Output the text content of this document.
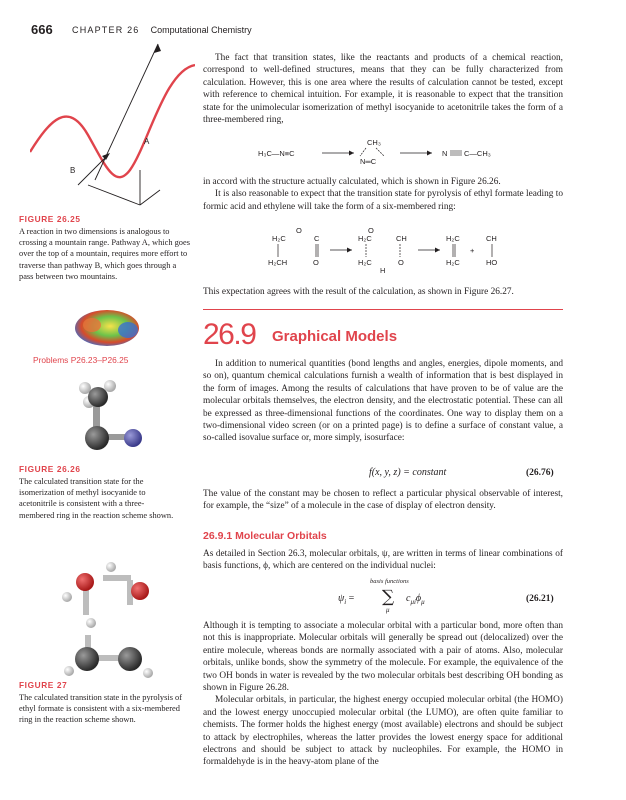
666 CHAPTER 26 Computational Chemistry
A
B
FIGURE 26.25
A reaction in two dimensions is analogous to crossing a mountain range. Pathway A, which goes over the top of a mountain, requires more effort to traverse than pathway B, which goes through a pass between two mountains.
Problems P26.23–P26.25
FIGURE 26.26
The calculated transition state for the isomerization of methyl isocyanide to acetonitrile is consistent with a three-membered ring in the reaction scheme shown.
FIGURE 27
The calculated transition state in the pyrolysis of ethyl formate is consistent with a six-membered ring in the reaction scheme shown.

The fact that transition states, like the reactants and products of a chemical reaction, correspond to well-defined structures, means that they can be fully characterized from calculation. However, this is one area where the results of calculation cannot be tested, except with reference to chemical intuition. For example, it is reasonable to expect that the transition state for the unimolecular isomerization of methyl isocyanide to acetonitrile takes the form of a three-membered ring,

H₃C—N≡C
CH₃
N═C
N C—CH₃

in accord with the structure actually calculated, which is shown in Figure 26.26.

It is also reasonable to expect that the transition state for pyrolysis of ethyl formate leading to formic acid and ethylene will take the form of a six-membered ring:

H₂C
O
C
H₂CH	O
O
H₂C	CH
H₂C	O
H
H₂C	CH
+
H₂C	HO

This expectation agrees with the result of the calculation, as shown in Figure 26.27.

26.9 Graphical Models

In addition to numerical quantities (bond lengths and angles, energies, dipole moments, and so on), quantum chemical calculations furnish a wealth of information that is best displayed in the form of images. Among the results of calculations that have proven to be of value are the molecular orbitals themselves, the electron density, and the electrostatic potential. These can all be expressed as three-dimensional functions of the coordinates. One way to display them on a two-dimensional video screen (or on a printed page) is to define a surface of constant value, a so-called isovalue surface or, more simply, isosurface:

f(x, y, z) = constant	(26.76)

The value of the constant may be chosen to reflect a particular physical observable of interest, for example, the “size” of a molecule in the case of display of electron density.

26.9.1 Molecular Orbitals

As detailed in Section 26.3, molecular orbitals, ψ, are written in terms of linear combinations of basis functions, ϕ, which are centered on the individual nuclei:

basis functions
$\psi_i$ = ∑
μ
$c_{\mu i}\phi_\mu$	(26.21)

Although it is tempting to associate a molecular orbital with a particular bond, more often than not this is inappropriate. Molecular orbitals will generally be spread out (delocalized) over the entire molecule, whereas bonds are normally associated with a pair of atoms. Also, molecular orbitals, unlike bonds, show the symmetry of the molecule. For example, the equivalence of the two OH bonds in water is revealed by the two molecular orbitals best describing OH bonding as shown in Figure 26.28.

Molecular orbitals, in particular, the highest energy occupied molecular orbital (the HOMO) and the lowest energy unoccupied molecular orbital (the LUMO), are often quite familiar to chemists. The former holds the highest energy (most available) electrons and should be subject to attack by electrophiles, whereas the latter provides the lowest energy space for additional electrons and should be subject to attack by nucleophiles. For example, the HOMO in formaldehyde is in the heavy-atom plane of the
